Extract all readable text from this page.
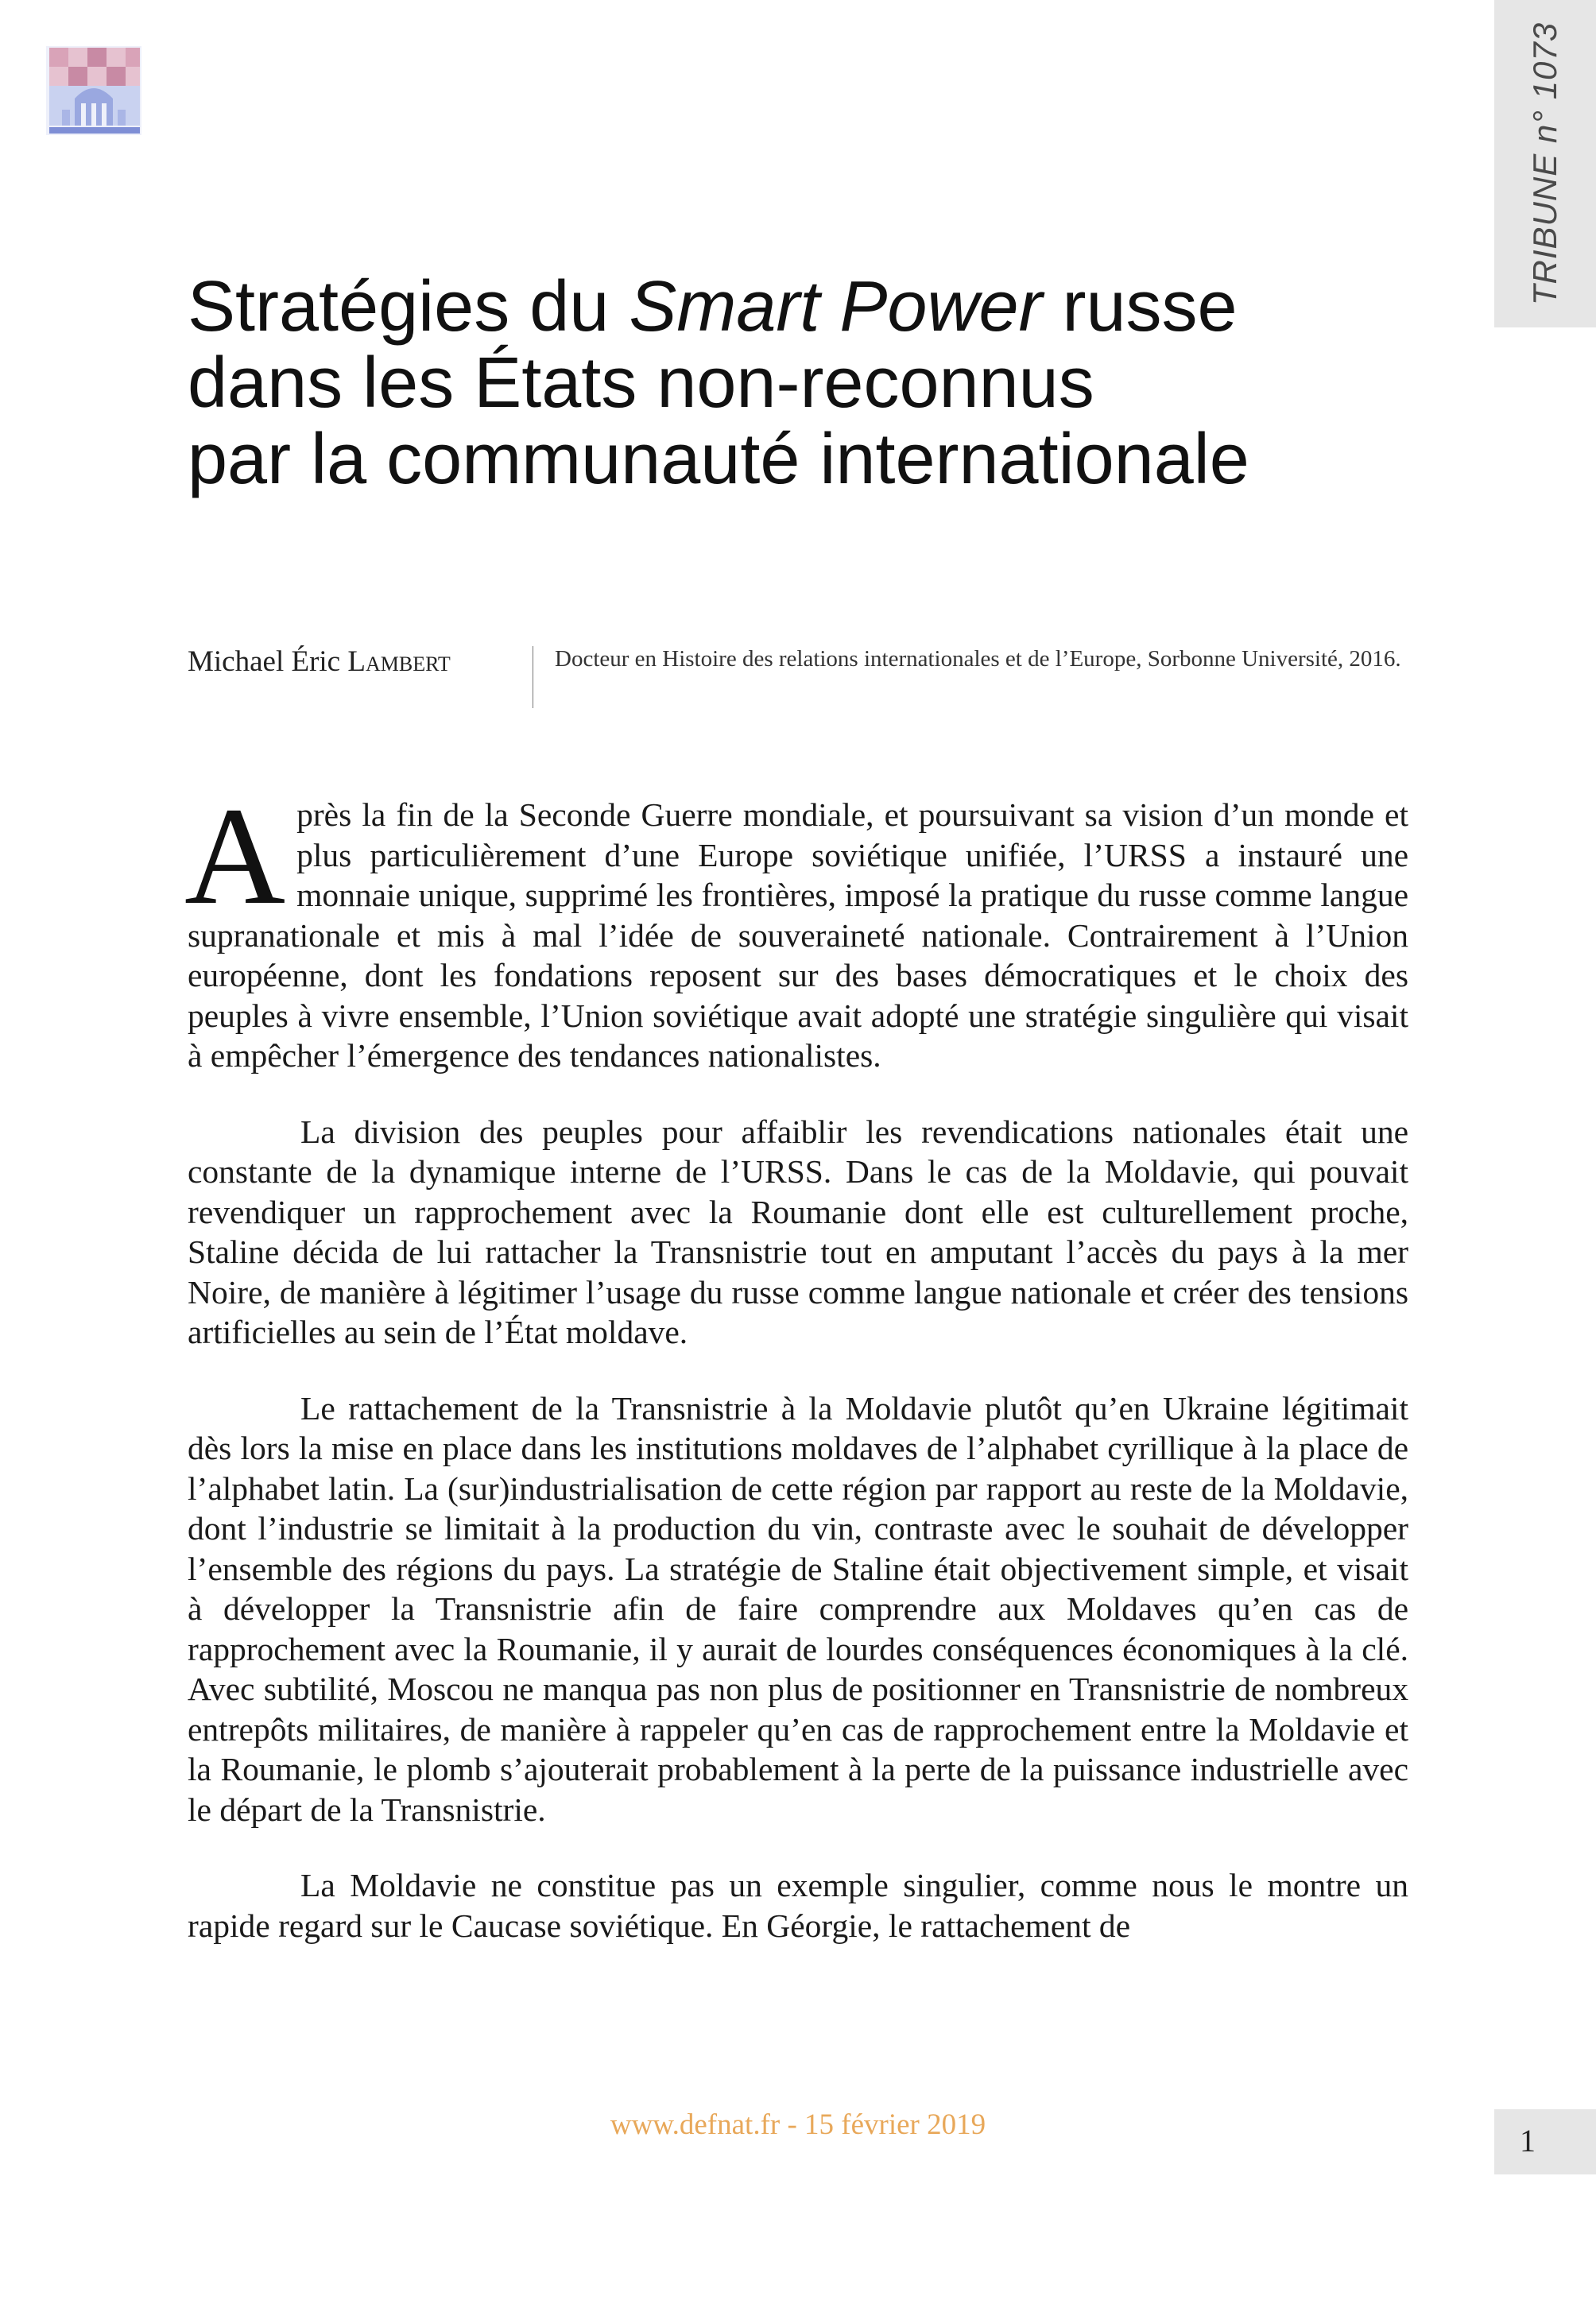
TRIBUNE n° 1073
Stratégies du Smart Power russe
dans les États non-reconnus
par la communauté internationale
Michael Éric Lambert	Docteur en Histoire des relations internationales et de l’Europe, Sorbonne Université, 2016.

Après la fin de la Seconde Guerre mondiale, et poursuivant sa vision d’un monde et plus particulièrement d’une Europe soviétique unifiée, l’URSS a instauré une monnaie unique, supprimé les frontières, imposé la pratique du russe comme langue supranationale et mis à mal l’idée de souveraineté nationale. Contrairement à l’Union européenne, dont les fondations reposent sur des bases démocratiques et le choix des peuples à vivre ensemble, l’Union soviétique avait adopté une stratégie singulière qui visait à empêcher l’émergence des tendances nationalistes.

La division des peuples pour affaiblir les revendications nationales était une constante de la dynamique interne de l’URSS. Dans le cas de la Moldavie, qui pouvait revendiquer un rapprochement avec la Roumanie dont elle est culturellement proche, Staline décida de lui rattacher la Transnistrie tout en amputant l’accès du pays à la mer Noire, de manière à légitimer l’usage du russe comme langue nationale et créer des tensions artificielles au sein de l’État moldave.

Le rattachement de la Transnistrie à la Moldavie plutôt qu’en Ukraine légitimait dès lors la mise en place dans les institutions moldaves de l’alphabet cyrillique à la place de l’alphabet latin. La (sur)industrialisation de cette région par rapport au reste de la Moldavie, dont l’industrie se limitait à la production du vin, contraste avec le souhait de développer l’ensemble des régions du pays. La stratégie de Staline était objectivement simple, et visait à développer la Transnistrie afin de faire comprendre aux Moldaves qu’en cas de rapprochement avec la Roumanie, il y aurait de lourdes conséquences économiques à la clé. Avec subtilité, Moscou ne manqua pas non plus de positionner en Transnistrie de nombreux entrepôts militaires, de manière à rappeler qu’en cas de rapprochement entre la Moldavie et la Roumanie, le plomb s’ajouterait probablement à la perte de la puissance industrielle avec le départ de la Transnistrie.

La Moldavie ne constitue pas un exemple singulier, comme nous le montre un rapide regard sur le Caucase soviétique. En Géorgie, le rattachement de

www.defnat.fr - 15 février 2019	1
